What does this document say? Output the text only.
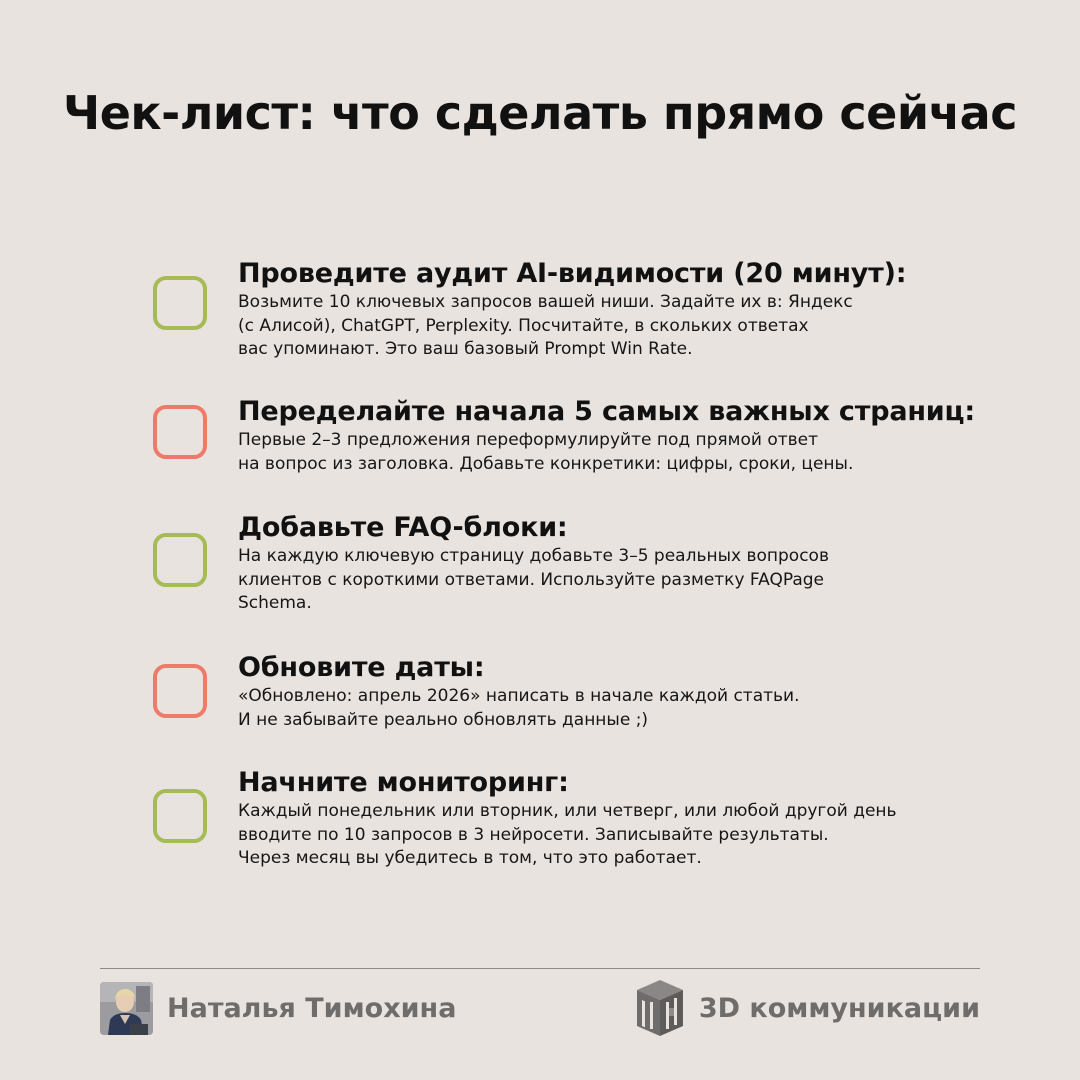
Чек-лист: что сделать прямо сейчас

Проведите аудит AI-видимости (20 минут):

Возьмите 10 ключевых запросов вашей ниши. Задайте их в: Яндекс
(с Алисой), ChatGPT, Perplexity. Посчитайте, в скольких ответах
вас упоминают. Это ваш базовый Prompt Win Rate.

Переделайте начала 5 самых важных страниц:

Первые 2–3 предложения переформулируйте под прямой ответ
на вопрос из заголовка. Добавьте конкретики: цифры, сроки, цены.

Добавьте FAQ-блоки:

На каждую ключевую страницу добавьте 3–5 реальных вопросов
клиентов с короткими ответами. Используйте разметку FAQPage
Schema.

Обновите даты:

«Обновлено: апрель 2026» написать в начале каждой статьи.
И не забывайте реально обновлять данные ;)

Начните мониторинг:

Каждый понедельник или вторник, или четверг, или любой другой день
вводите по 10 запросов в 3 нейросети. Записывайте результаты.
Через месяц вы убедитесь в том, что это работает.

Наталья Тимохина	3D коммуникации
